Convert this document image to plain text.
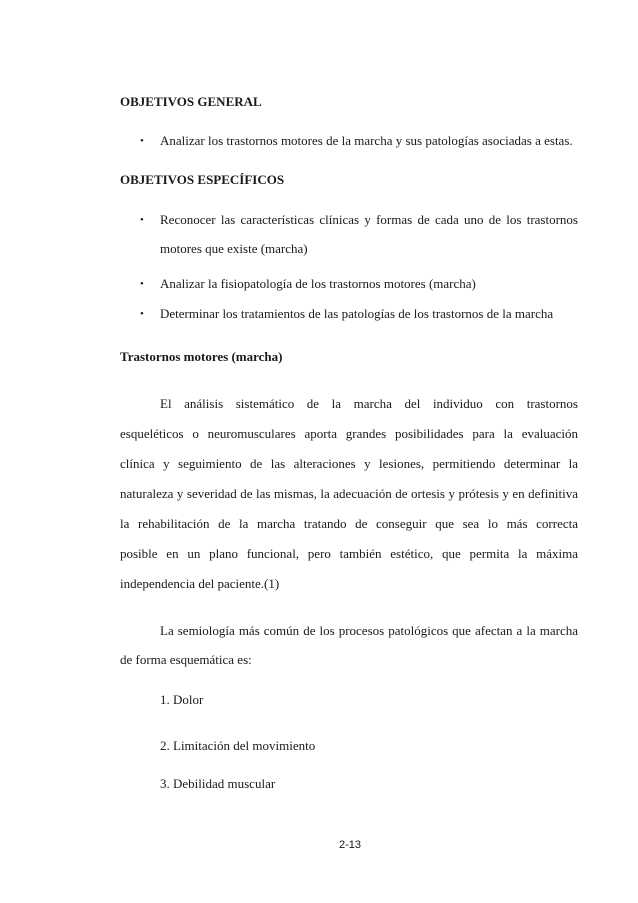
OBJETIVOS GENERAL
• Analizar los trastornos motores de la marcha y sus patologías asociadas a estas.
OBJETIVOS ESPECÍFICOS
• Reconocer las características clínicas y formas de cada uno de los trastornos
motores que existe (marcha)
• Analizar la fisiopatología de los trastornos motores (marcha)
• Determinar los tratamientos de las patologías de los trastornos de la marcha
Trastornos motores (marcha)
El análisis sistemático de la marcha del individuo con trastornos
esqueléticos o neuromusculares aporta grandes posibilidades para la evaluación
clínica y seguimiento de las alteraciones y lesiones, permitiendo determinar la
naturaleza y severidad de las mismas, la adecuación de ortesis y prótesis y en definitiva
la rehabilitación de la marcha tratando de conseguir que sea lo más correcta
posible en un plano funcional, pero también estético, que permita la máxima
independencia del paciente.(1)
La semiología más común de los procesos patológicos que afectan a la marcha
de forma esquemática es:
1. Dolor
2. Limitación del movimiento
3. Debilidad muscular
2-13
